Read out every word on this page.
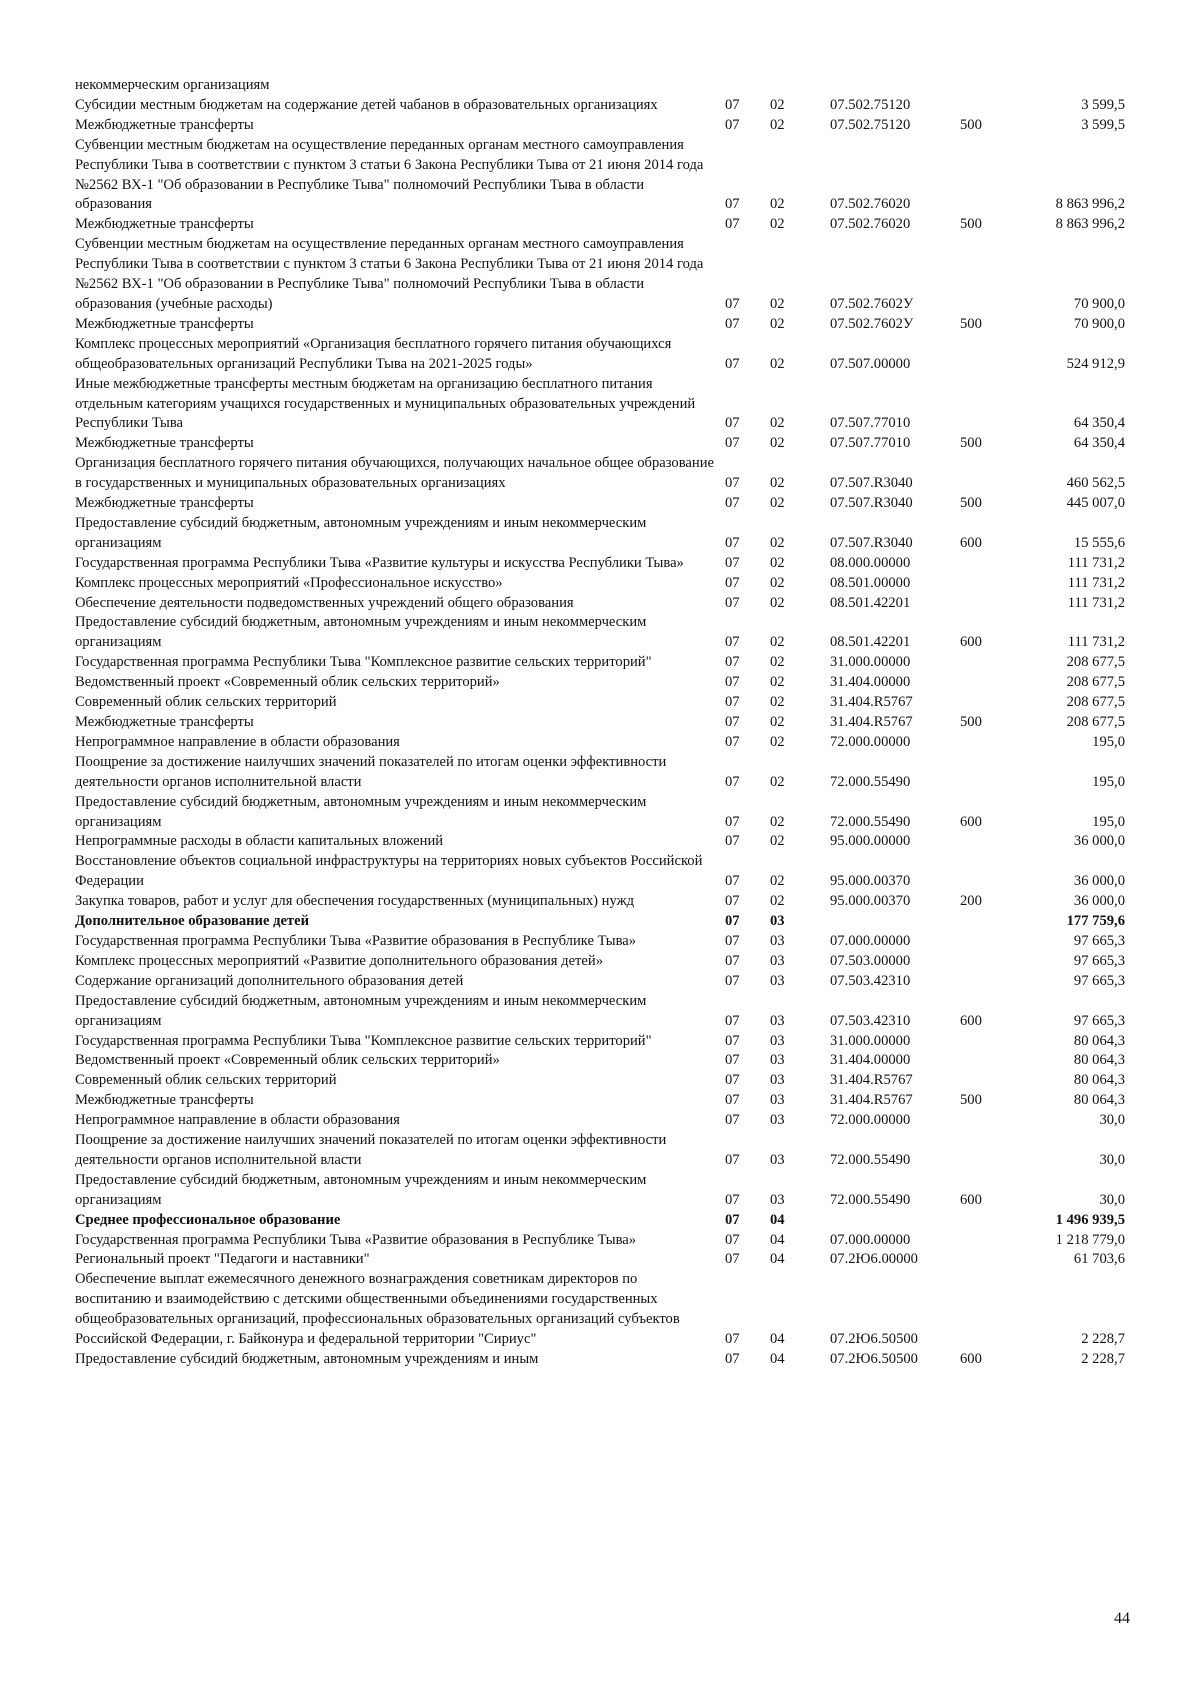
некоммерческим организациям					
Субсидии местным бюджетам на содержание детей чабанов в образовательных организациях	07	02	07.502.75120		3 599,5
Межбюджетные трансферты	07	02	07.502.75120	500	3 599,5
Субвенции местным бюджетам на осуществление переданных органам местного самоуправления Республики Тыва в соответствии с пунктом 3 статьи 6 Закона Республики Тыва от 21 июня 2014 года №2562 ВХ-1 "Об образовании в Республике Тыва" полномочий Республики Тыва в области образования	07	02	07.502.76020		8 863 996,2
Межбюджетные трансферты	07	02	07.502.76020	500	8 863 996,2
Субвенции местным бюджетам на осуществление переданных органам местного самоуправления Республики Тыва в соответствии с пунктом 3 статьи 6 Закона Республики Тыва от 21 июня 2014 года №2562 ВХ-1 "Об образовании в Республике Тыва" полномочий Республики Тыва в области образования (учебные расходы)	07	02	07.502.7602У		70 900,0
Межбюджетные трансферты	07	02	07.502.7602У	500	70 900,0
Комплекс процессных мероприятий «Организация бесплатного горячего питания обучающихся общеобразовательных организаций Республики Тыва на 2021-2025 годы»	07	02	07.507.00000		524 912,9
Иные межбюджетные трансферты местным бюджетам на организацию бесплатного питания отдельным категориям учащихся государственных и муниципальных образовательных учреждений Республики Тыва	07	02	07.507.77010		64 350,4
Межбюджетные трансферты	07	02	07.507.77010	500	64 350,4
Организация бесплатного горячего питания обучающихся, получающих начальное общее образование в государственных и муниципальных образовательных организациях	07	02	07.507.R3040		460 562,5
Межбюджетные трансферты	07	02	07.507.R3040	500	445 007,0
Предоставление субсидий бюджетным, автономным учреждениям и иным некоммерческим организациям	07	02	07.507.R3040	600	15 555,6
Государственная программа Республики Тыва «Развитие культуры и искусства Республики Тыва»	07	02	08.000.00000		111 731,2
Комплекс процессных мероприятий «Профессиональное искусство»	07	02	08.501.00000		111 731,2
Обеспечение деятельности подведомственных учреждений общего образования	07	02	08.501.42201		111 731,2
Предоставление субсидий бюджетным, автономным учреждениям и иным некоммерческим организациям	07	02	08.501.42201	600	111 731,2
Государственная программа Республики Тыва "Комплексное развитие сельских территорий"	07	02	31.000.00000		208 677,5
Ведомственный проект «Современный облик сельских территорий»	07	02	31.404.00000		208 677,5
Современный облик сельских территорий	07	02	31.404.R5767		208 677,5
Межбюджетные трансферты	07	02	31.404.R5767	500	208 677,5
Непрограммное направление в области образования	07	02	72.000.00000		195,0
Поощрение за достижение наилучших значений показателей по итогам оценки эффективности деятельности органов исполнительной власти	07	02	72.000.55490		195,0
Предоставление субсидий бюджетным, автономным учреждениям и иным некоммерческим организациям	07	02	72.000.55490	600	195,0
Непрограммные расходы в области капитальных вложений	07	02	95.000.00000		36 000,0
Восстановление объектов социальной инфраструктуры на территориях новых субъектов Российской Федерации	07	02	95.000.00370		36 000,0
Закупка товаров, работ и услуг для обеспечения государственных (муниципальных) нужд	07	02	95.000.00370	200	36 000,0
Дополнительное образование детей	07	03			177 759,6
Государственная программа Республики Тыва «Развитие образования в Республике Тыва»	07	03	07.000.00000		97 665,3
Комплекс процессных мероприятий «Развитие дополнительного образования детей»	07	03	07.503.00000		97 665,3
Содержание организаций дополнительного образования детей	07	03	07.503.42310		97 665,3
Предоставление субсидий бюджетным, автономным учреждениям и иным некоммерческим организациям	07	03	07.503.42310	600	97 665,3
Государственная программа Республики Тыва "Комплексное развитие сельских территорий"	07	03	31.000.00000		80 064,3
Ведомственный проект «Современный облик сельских территорий»	07	03	31.404.00000		80 064,3
Современный облик сельских территорий	07	03	31.404.R5767		80 064,3
Межбюджетные трансферты	07	03	31.404.R5767	500	80 064,3
Непрограммное направление в области образования	07	03	72.000.00000		30,0
Поощрение за достижение наилучших значений показателей по итогам оценки эффективности деятельности органов исполнительной власти	07	03	72.000.55490		30,0
Предоставление субсидий бюджетным, автономным учреждениям и иным некоммерческим организациям	07	03	72.000.55490	600	30,0
Среднее профессиональное образование	07	04			1 496 939,5
Государственная программа Республики Тыва «Развитие образования в Республике Тыва»	07	04	07.000.00000		1 218 779,0
Региональный проект "Педагоги и наставники"	07	04	07.2Ю6.00000		61 703,6
Обеспечение выплат ежемесячного денежного вознаграждения советникам директоров по воспитанию и взаимодействию с детскими общественными объединениями государственных общеобразовательных организаций, профессиональных образовательных организаций субъектов Российской Федерации, г. Байконура и федеральной территории "Сириус"	07	04	07.2Ю6.50500		2 228,7
Предоставление субсидий бюджетным, автономным учреждениям и иным	07	04	07.2Ю6.50500	600	2 228,7
44
